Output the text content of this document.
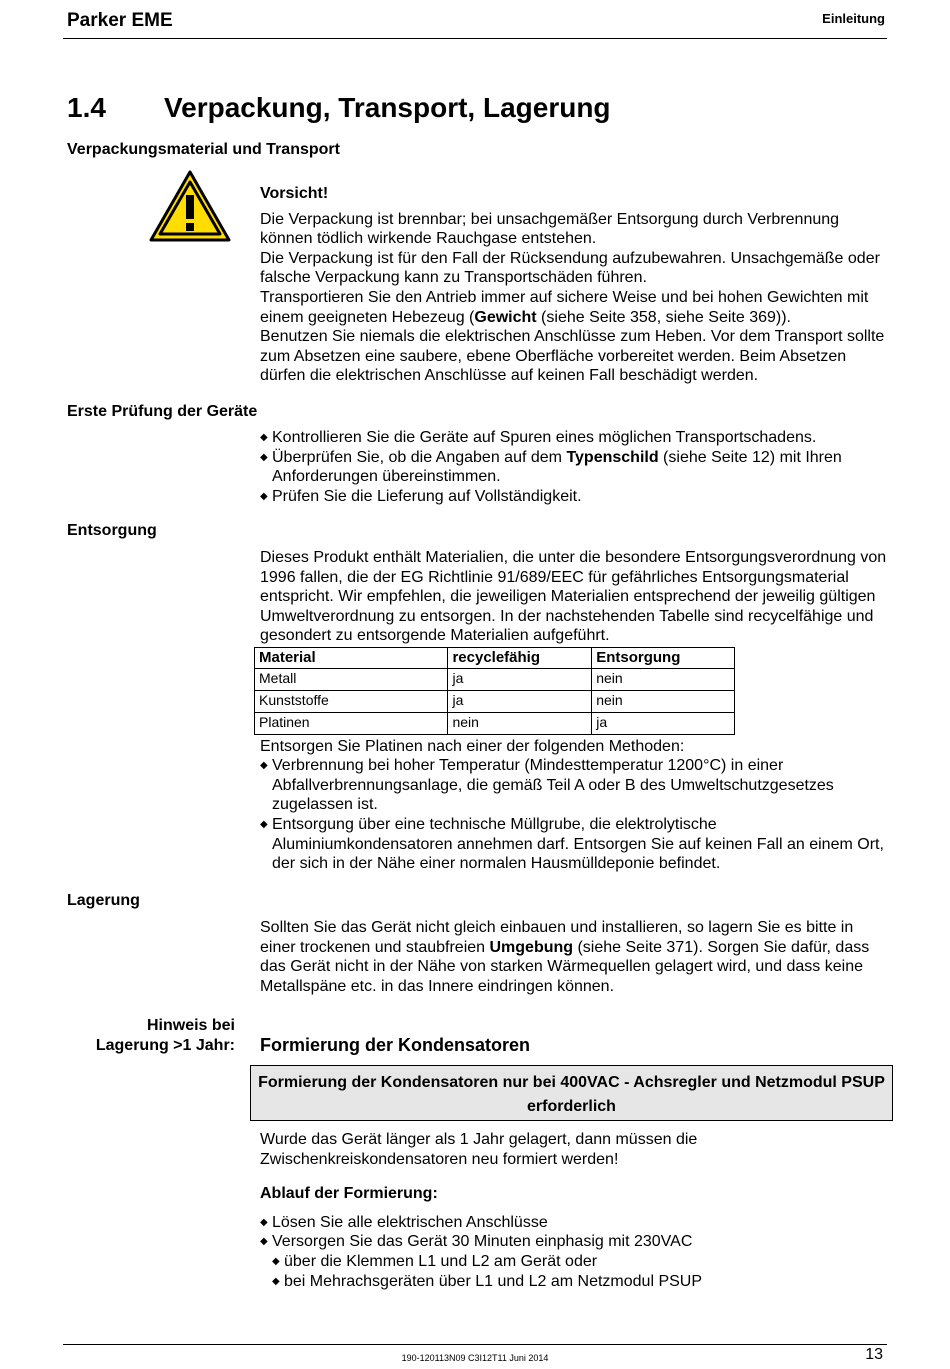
Parker EME	Einleitung
1.4 Verpackung, Transport, Lagerung
Verpackungsmaterial und Transport

Vorsicht!

Die Verpackung ist brennbar; bei unsachgemäßer Entsorgung durch Verbrennung können tödlich wirkende Rauchgase entstehen.

Die Verpackung ist für den Fall der Rücksendung aufzubewahren. Unsachgemäße oder falsche Verpackung kann zu Transportschäden führen.

Transportieren Sie den Antrieb immer auf sichere Weise und bei hohen Gewichten mit einem geeigneten Hebezeug (Gewicht (siehe Seite 358, siehe Seite 369)).

Benutzen Sie niemals die elektrischen Anschlüsse zum Heben. Vor dem Transport sollte zum Absetzen eine saubere, ebene Oberfläche vorbereitet werden. Beim Absetzen dürfen die elektrischen Anschlüsse auf keinen Fall beschädigt werden.

Erste Prüfung der Geräte
◆ Kontrollieren Sie die Geräte auf Spuren eines möglichen Transportschadens.
◆ Überprüfen Sie, ob die Angaben auf dem Typenschild (siehe Seite 12) mit Ihren Anforderungen übereinstimmen.
◆ Prüfen Sie die Lieferung auf Vollständigkeit.
Entsorgung

Dieses Produkt enthält Materialien, die unter die besondere Entsorgungsverordnung von 1996 fallen, die der EG Richtlinie 91/689/EEC für gefährliches Entsorgungsmaterial entspricht. Wir empfehlen, die jeweiligen Materialien entsprechend der jeweilig gültigen Umweltverordnung zu entsorgen. In der nachstehenden Tabelle sind recycelfähige und gesondert zu entsorgende Materialien aufgeführt.

Material	recyclefähig	Entsorgung
Metall	ja	nein
Kunststoffe	ja	nein
Platinen	nein	ja

Entsorgen Sie Platinen nach einer der folgenden Methoden:

◆ Verbrennung bei hoher Temperatur (Mindesttemperatur 1200°C) in einer Abfallverbrennungsanlage, die gemäß Teil A oder B des Umweltschutzgesetzes zugelassen ist.
◆ Entsorgung über eine technische Müllgrube, die elektrolytische Aluminiumkondensatoren annehmen darf. Entsorgen Sie auf keinen Fall an einem Ort, der sich in der Nähe einer normalen Hausmülldeponie befindet.
Lagerung

Sollten Sie das Gerät nicht gleich einbauen und installieren, so lagern Sie es bitte in einer trockenen und staubfreien Umgebung (siehe Seite 371). Sorgen Sie dafür, dass das Gerät nicht in der Nähe von starken Wärmequellen gelagert wird, und dass keine Metallspäne etc. in das Innere eindringen können.

Hinweis bei
Lagerung >1 Jahr: Formierung der Kondensatoren
Formierung der Kondensatoren nur bei 400VAC - Achsregler und Netzmodul PSUP erforderlich

Wurde das Gerät länger als 1 Jahr gelagert, dann müssen die Zwischenkreiskondensatoren neu formiert werden!

Ablauf der Formierung:

◆ Lösen Sie alle elektrischen Anschlüsse
◆ Versorgen Sie das Gerät 30 Minuten einphasig mit 230VAC
◆ über die Klemmen L1 und L2 am Gerät oder
◆ bei Mehrachsgeräten über L1 und L2 am Netzmodul PSUP
190-120113N09 C3I12T11 Juni 2014	13
